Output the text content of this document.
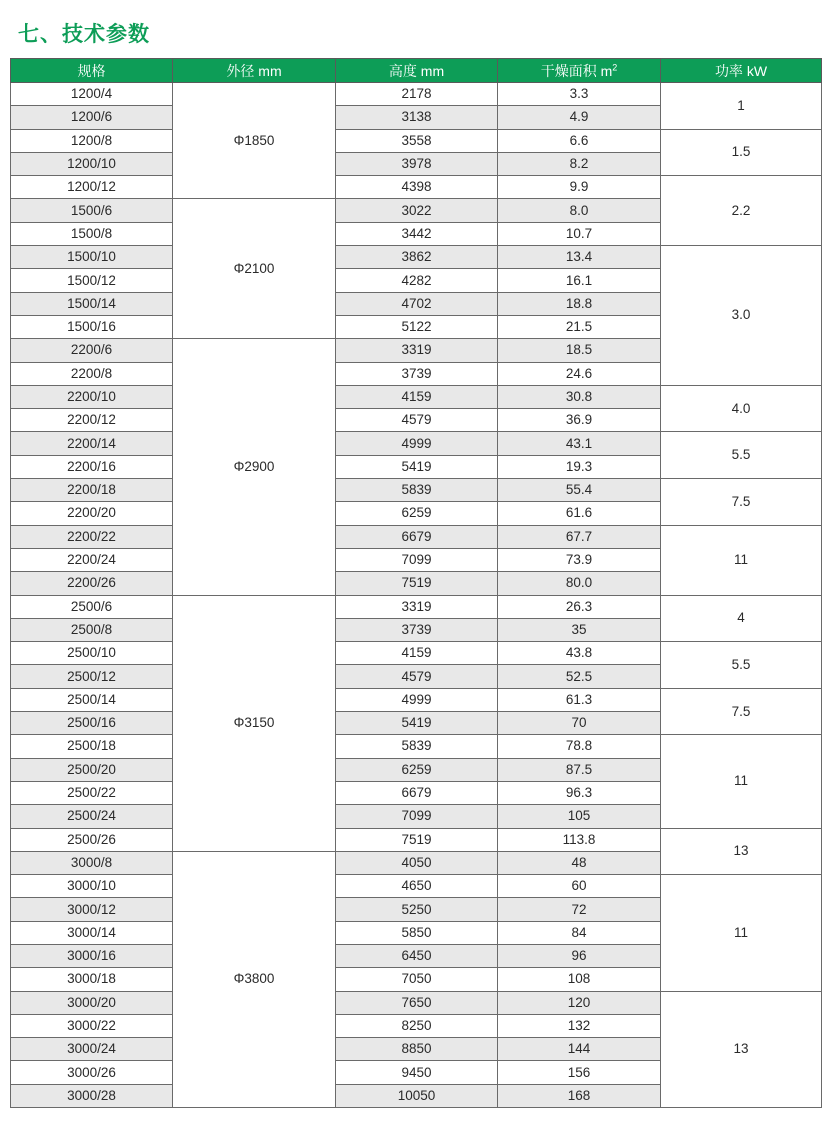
七、技术参数
规格	外径 mm	高度 mm	干燥面积 $m^2$	功率 kW
1200/4	Φ1850	2178	3.3	1
1200/6		3138	4.9	
1200/8		3558	6.6	1.5
1200/10		3978	8.2	
1200/12		4398	9.9	2.2
1500/6	Φ2100	3022	8.0	
1500/8		3442	10.7	
1500/10		3862	13.4	3.0
1500/12		4282	16.1	
1500/14		4702	18.8	
1500/16		5122	21.5	
2200/6	Φ2900	3319	18.5	
2200/8		3739	24.6	
2200/10		4159	30.8	4.0
2200/12		4579	36.9	
2200/14		4999	43.1	5.5
2200/16		5419	19.3	
2200/18		5839	55.4	7.5
2200/20		6259	61.6	
2200/22		6679	67.7	11
2200/24		7099	73.9	
2200/26		7519	80.0	
2500/6	Φ3150	3319	26.3	4
2500/8		3739	35	
2500/10		4159	43.8	5.5
2500/12		4579	52.5	
2500/14		4999	61.3	7.5
2500/16		5419	70	
2500/18		5839	78.8	11
2500/20		6259	87.5	
2500/22		6679	96.3	
2500/24		7099	105	
2500/26		7519	113.8	13
3000/8	Φ3800	4050	48	
3000/10		4650	60	11
3000/12		5250	72	
3000/14		5850	84	
3000/16		6450	96	
3000/18		7050	108	
3000/20		7650	120	13
3000/22		8250	132	
3000/24		8850	144	
3000/26		9450	156	
3000/28		10050	168	
